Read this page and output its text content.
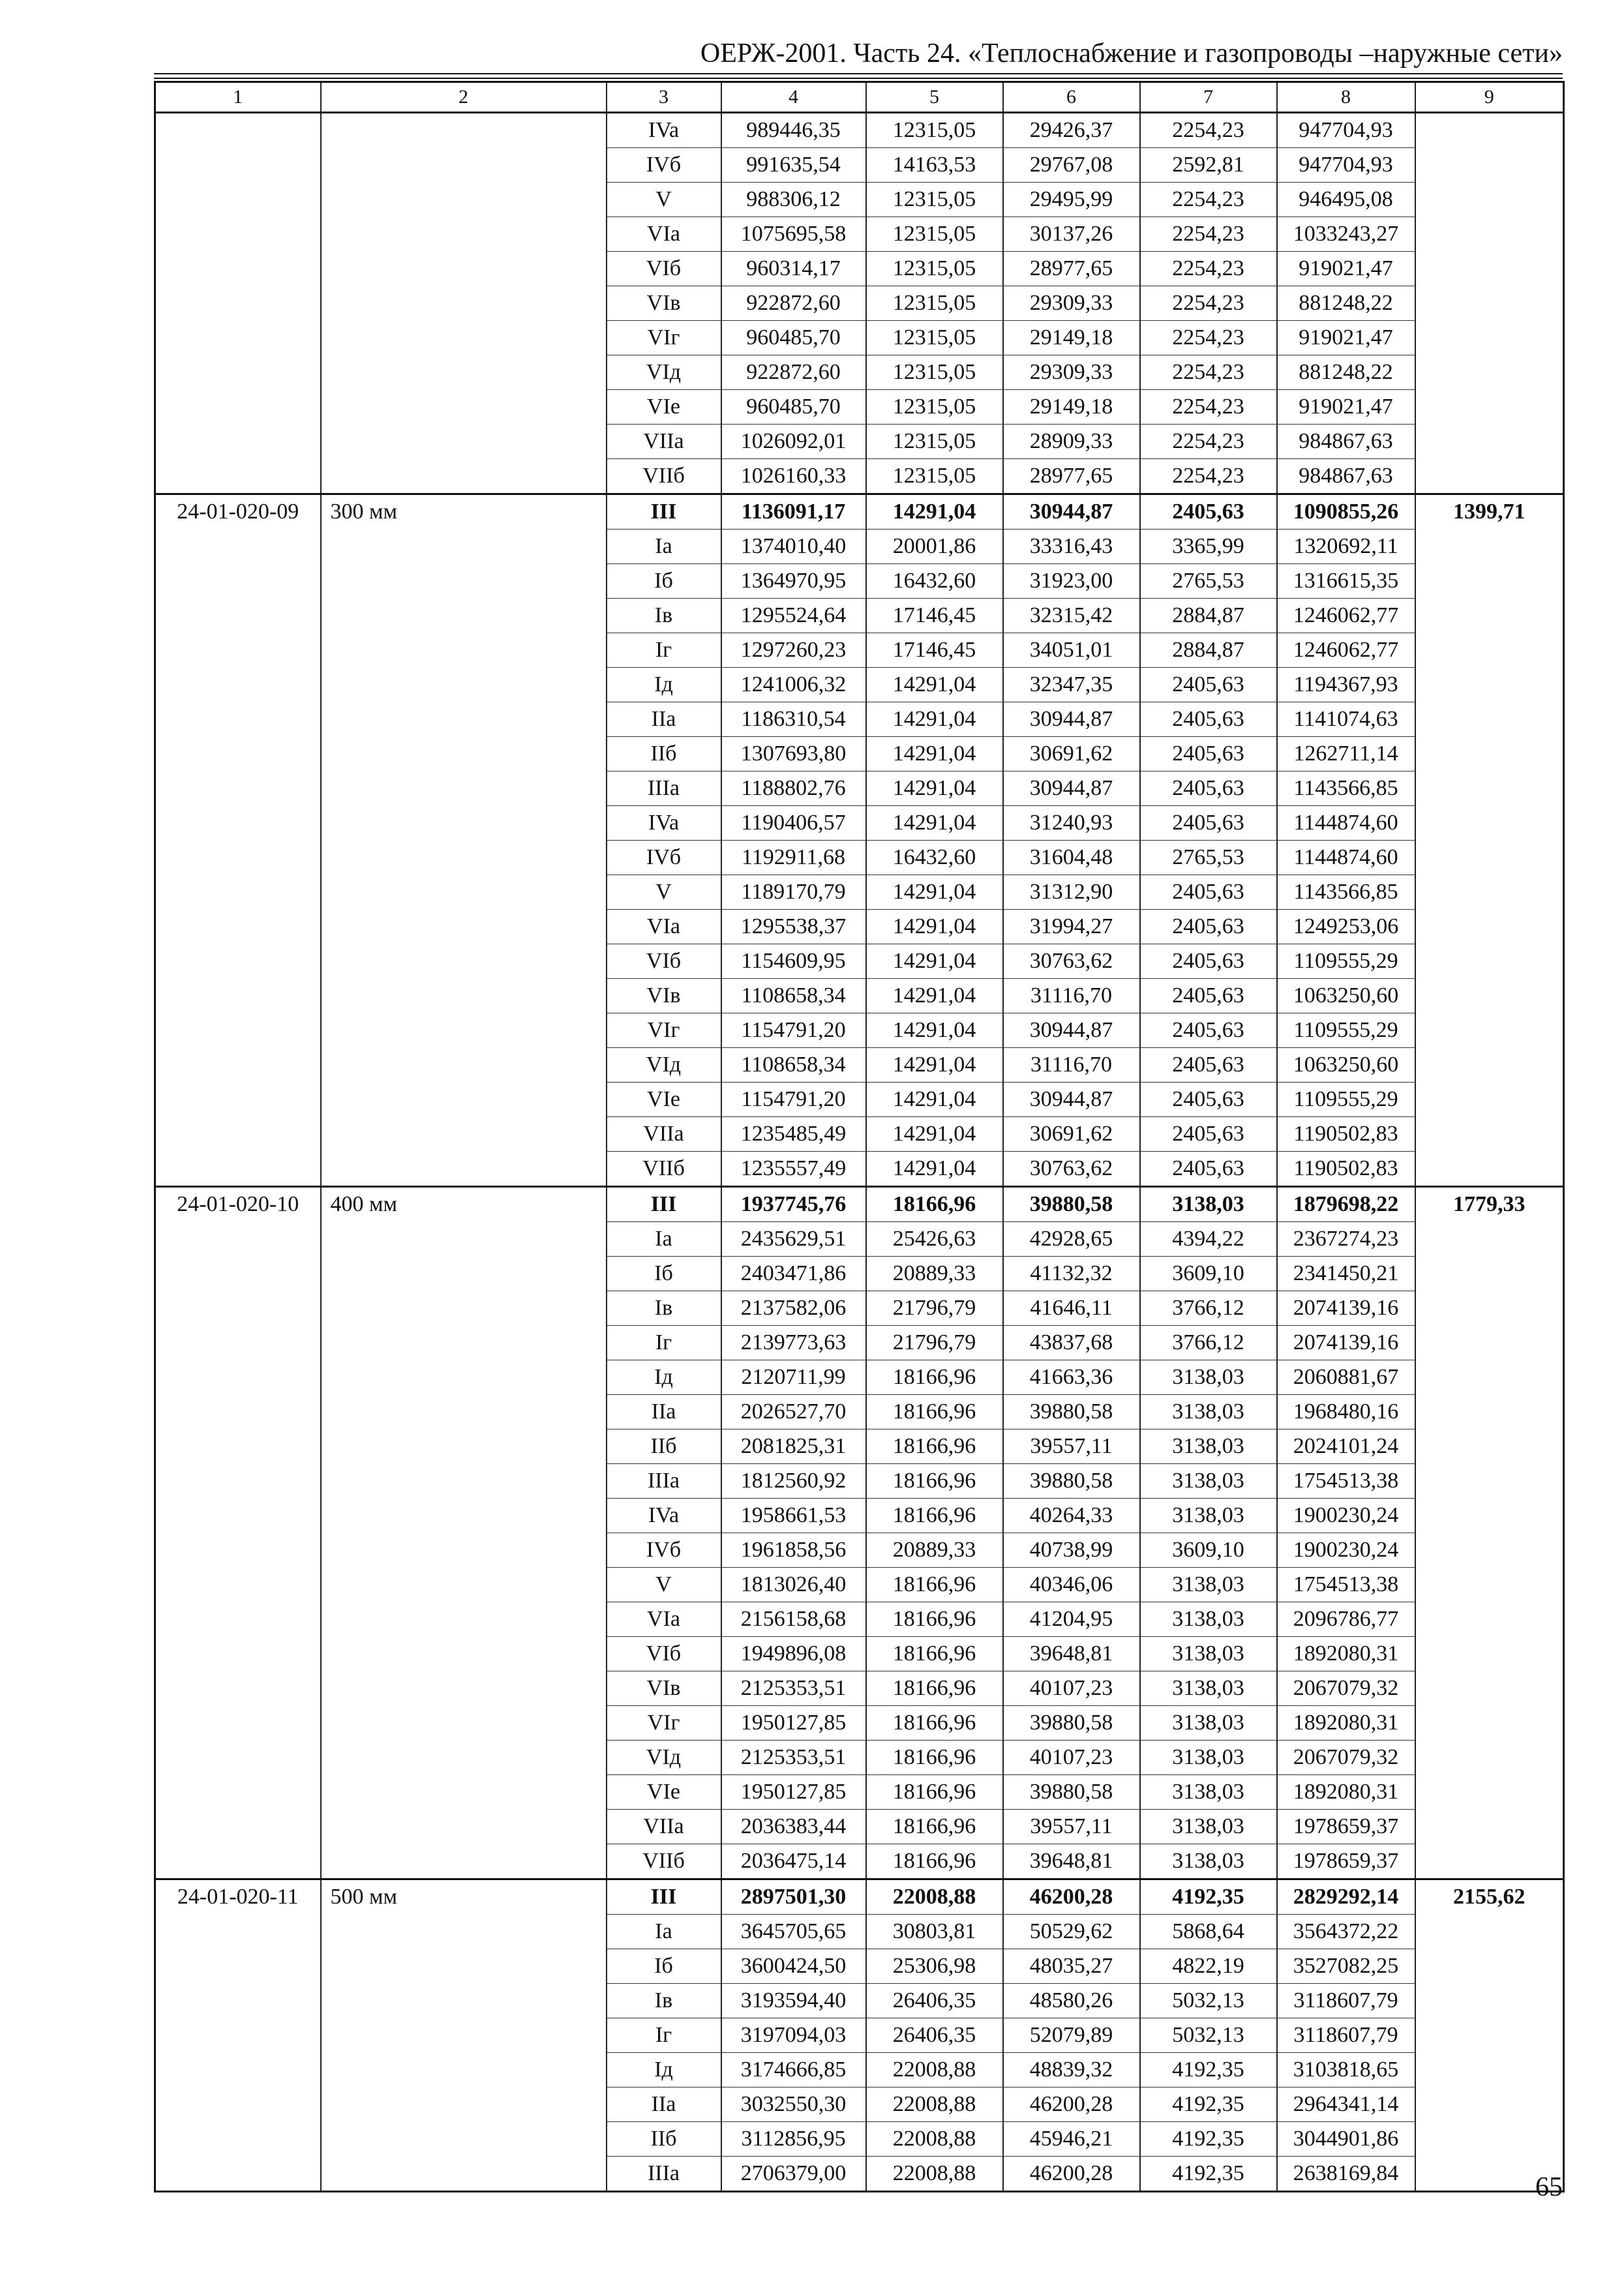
ОЕРЖ-2001. Часть 24. «Теплоснабжение и газопроводы –наружные сети»
1	2	3	4	5	6	7	8	9
		IVa	989446,35	12315,05	29426,37	2254,23	947704,93	
		IVб	991635,54	14163,53	29767,08	2592,81	947704,93	
		V	988306,12	12315,05	29495,99	2254,23	946495,08	
		VIa	1075695,58	12315,05	30137,26	2254,23	1033243,27	
		VIб	960314,17	12315,05	28977,65	2254,23	919021,47	
		VIв	922872,60	12315,05	29309,33	2254,23	881248,22	
		VIг	960485,70	12315,05	29149,18	2254,23	919021,47	
		VIд	922872,60	12315,05	29309,33	2254,23	881248,22	
		VIe	960485,70	12315,05	29149,18	2254,23	919021,47	
		VIIa	1026092,01	12315,05	28909,33	2254,23	984867,63	
		VIIб	1026160,33	12315,05	28977,65	2254,23	984867,63	
24-01-020-09	300 мм	III	1136091,17	14291,04	30944,87	2405,63	1090855,26	1399,71
		Ia	1374010,40	20001,86	33316,43	3365,99	1320692,11	
		Iб	1364970,95	16432,60	31923,00	2765,53	1316615,35	
		Iв	1295524,64	17146,45	32315,42	2884,87	1246062,77	
		Iг	1297260,23	17146,45	34051,01	2884,87	1246062,77	
		Iд	1241006,32	14291,04	32347,35	2405,63	1194367,93	
		IIa	1186310,54	14291,04	30944,87	2405,63	1141074,63	
		IIб	1307693,80	14291,04	30691,62	2405,63	1262711,14	
		IIIa	1188802,76	14291,04	30944,87	2405,63	1143566,85	
		IVa	1190406,57	14291,04	31240,93	2405,63	1144874,60	
		IVб	1192911,68	16432,60	31604,48	2765,53	1144874,60	
		V	1189170,79	14291,04	31312,90	2405,63	1143566,85	
		VIa	1295538,37	14291,04	31994,27	2405,63	1249253,06	
		VIб	1154609,95	14291,04	30763,62	2405,63	1109555,29	
		VIв	1108658,34	14291,04	31116,70	2405,63	1063250,60	
		VIг	1154791,20	14291,04	30944,87	2405,63	1109555,29	
		VIд	1108658,34	14291,04	31116,70	2405,63	1063250,60	
		VIe	1154791,20	14291,04	30944,87	2405,63	1109555,29	
		VIIa	1235485,49	14291,04	30691,62	2405,63	1190502,83	
		VIIб	1235557,49	14291,04	30763,62	2405,63	1190502,83	
24-01-020-10	400 мм	III	1937745,76	18166,96	39880,58	3138,03	1879698,22	1779,33
		Ia	2435629,51	25426,63	42928,65	4394,22	2367274,23	
		Iб	2403471,86	20889,33	41132,32	3609,10	2341450,21	
		Iв	2137582,06	21796,79	41646,11	3766,12	2074139,16	
		Iг	2139773,63	21796,79	43837,68	3766,12	2074139,16	
		Iд	2120711,99	18166,96	41663,36	3138,03	2060881,67	
		IIa	2026527,70	18166,96	39880,58	3138,03	1968480,16	
		IIб	2081825,31	18166,96	39557,11	3138,03	2024101,24	
		IIIa	1812560,92	18166,96	39880,58	3138,03	1754513,38	
		IVa	1958661,53	18166,96	40264,33	3138,03	1900230,24	
		IVб	1961858,56	20889,33	40738,99	3609,10	1900230,24	
		V	1813026,40	18166,96	40346,06	3138,03	1754513,38	
		VIa	2156158,68	18166,96	41204,95	3138,03	2096786,77	
		VIб	1949896,08	18166,96	39648,81	3138,03	1892080,31	
		VIв	2125353,51	18166,96	40107,23	3138,03	2067079,32	
		VIг	1950127,85	18166,96	39880,58	3138,03	1892080,31	
		VIд	2125353,51	18166,96	40107,23	3138,03	2067079,32	
		VIe	1950127,85	18166,96	39880,58	3138,03	1892080,31	
		VIIa	2036383,44	18166,96	39557,11	3138,03	1978659,37	
		VIIб	2036475,14	18166,96	39648,81	3138,03	1978659,37	
24-01-020-11	500 мм	III	2897501,30	22008,88	46200,28	4192,35	2829292,14	2155,62
		Ia	3645705,65	30803,81	50529,62	5868,64	3564372,22	
		Iб	3600424,50	25306,98	48035,27	4822,19	3527082,25	
		Iв	3193594,40	26406,35	48580,26	5032,13	3118607,79	
		Iг	3197094,03	26406,35	52079,89	5032,13	3118607,79	
		Iд	3174666,85	22008,88	48839,32	4192,35	3103818,65	
		IIa	3032550,30	22008,88	46200,28	4192,35	2964341,14	
		IIб	3112856,95	22008,88	45946,21	4192,35	3044901,86	
		IIIa	2706379,00	22008,88	46200,28	4192,35	2638169,84		65
